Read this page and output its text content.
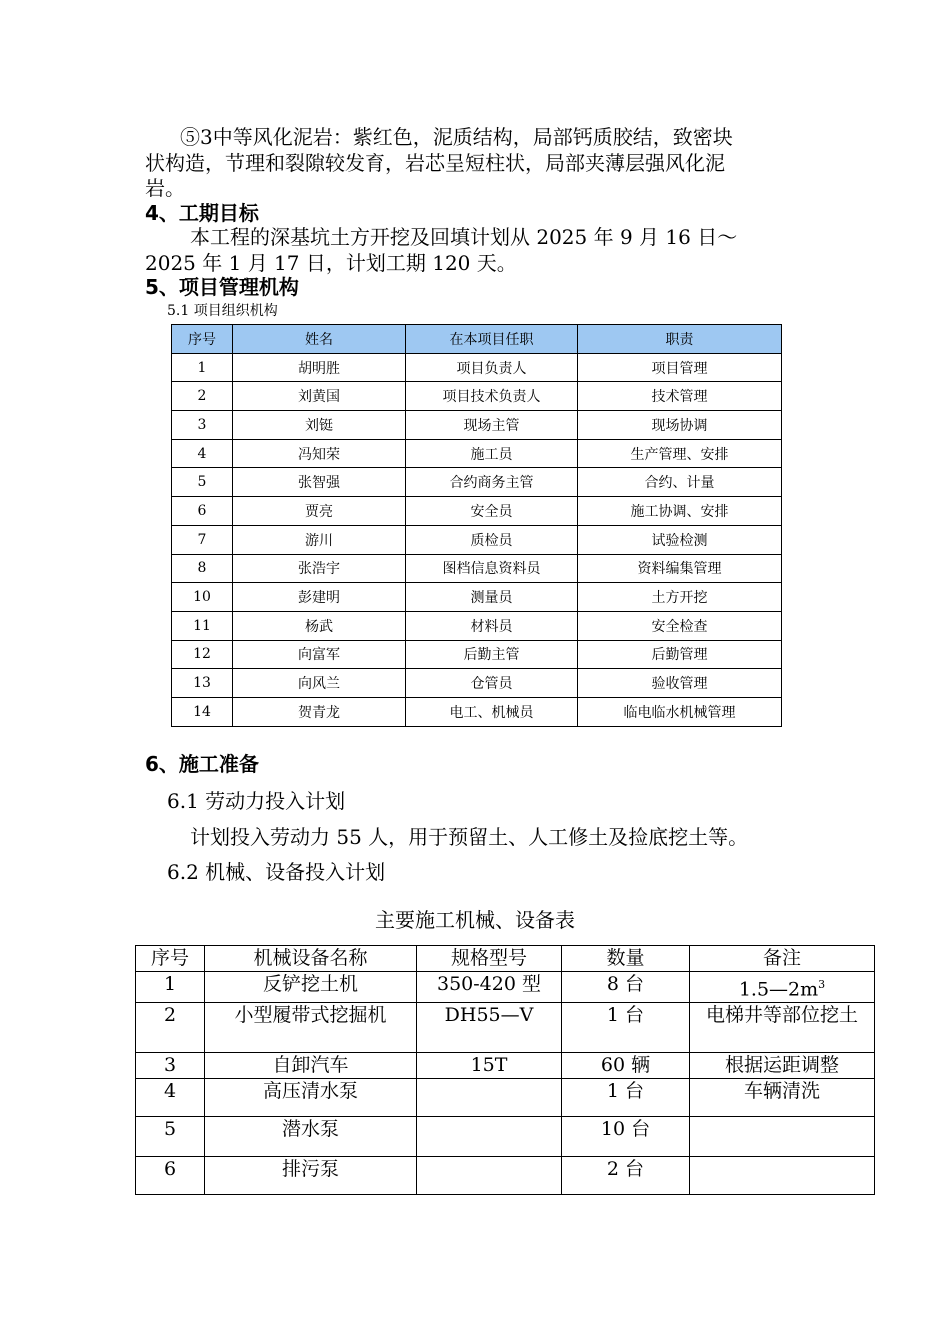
⑤3中等风化泥岩：紫红色，泥质结构，局部钙质胶结，致密块
状构造，节理和裂隙较发育，岩芯呈短柱状，局部夹薄层强风化泥
岩。
4、工期目标
本工程的深基坑土方开挖及回填计划从 2025 年 9 月 16 日～
2025 年 1 月 17 日，计划工期 120 天。
5、项目管理机构
5.1 项目组织机构
序号	姓名	在本项目任职	职责
1	胡明胜	项目负责人	项目管理
2	刘黄国	项目技术负责人	技术管理
3	刘铤	现场主管	现场协调
4	冯知荣	施工员	生产管理、安排
5	张智强	合约商务主管	合约、计量
6	贾亮	安全员	施工协调、安排
7	游川	质检员	试验检测
8	张浩宇	图档信息资料员	资料编集管理
10	彭建明	测量员	土方开挖
11	杨武	材料员	安全检查
12	向富军	后勤主管	后勤管理
13	向风兰	仓管员	验收管理
14	贺青龙	电工、机械员	临电临水机械管理
6、施工准备
6.1 劳动力投入计划
计划投入劳动力 55 人，用于预留土、人工修土及捡底挖土等。
6.2 机械、设备投入计划
主要施工机械、设备表
序号	机械设备名称	规格型号	数量	备注
1	反铲挖土机	350-420 型	8 台	$1.5—2m^3$
2	小型履带式挖掘机	DH55—V	1 台	电梯井等部位挖土
3	自卸汽车	15T	60 辆	根据运距调整
4	高压清水泵		1 台	车辆清洗
5	潜水泵		10 台	
6	排污泵		2 台	
